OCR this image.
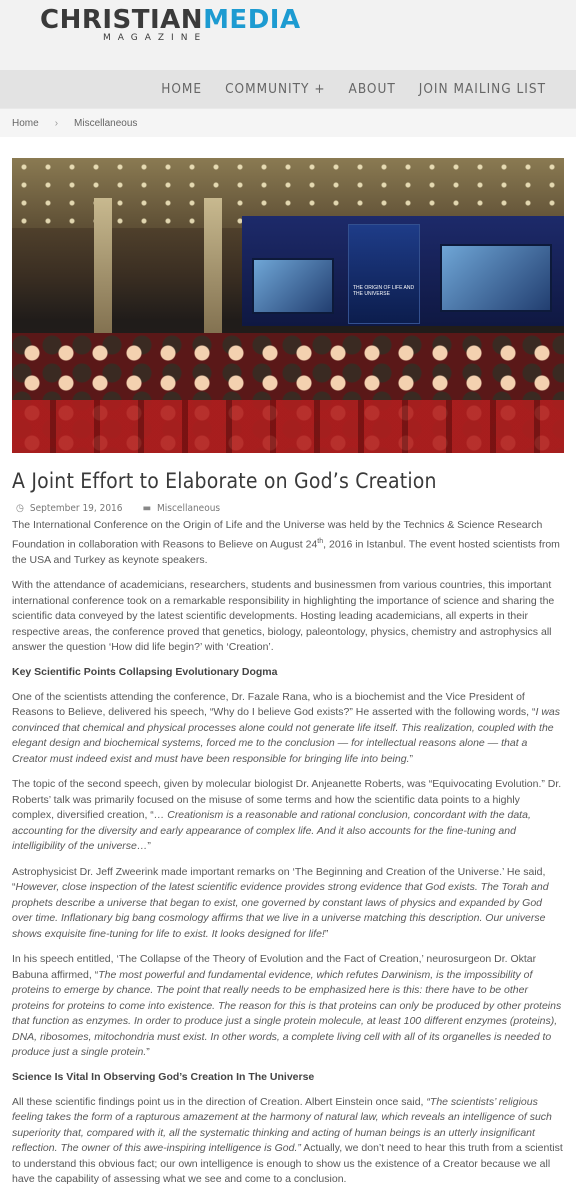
CHRISTIANMEDIA
MAGAZINE
HOME COMMUNITY + ABOUT JOIN MAILING LIST
Home › Miscellaneous
THE ORIGIN OF LIFE AND THE UNIVERSE
A Joint Effort to Elaborate on God’s Creation
◷ September 19, 2016 ▬ Miscellaneous

The International Conference on the Origin of Life and the Universe was held by the Technics & Science Research Foundation in collaboration with Reasons to Believe on August 24th, 2016 in Istanbul. The event hosted scientists from the USA and Turkey as keynote speakers.

With the attendance of academicians, researchers, students and businessmen from various countries, this important international conference took on a remarkable responsibility in highlighting the importance of science and sharing the scientific data conveyed by the latest scientific developments. Hosting leading academicians, all experts in their respective areas, the conference proved that genetics, biology, paleontology, physics, chemistry and astrophysics all answer the question ‘How did life begin?’ with ‘Creation’.

Key Scientific Points Collapsing Evolutionary Dogma

One of the scientists attending the conference, Dr. Fazale Rana, who is a biochemist and the Vice President of Reasons to Believe, delivered his speech, “Why do I believe God exists?” He asserted with the following words, “I was convinced that chemical and physical processes alone could not generate life itself. This realization, coupled with the elegant design and biochemical systems, forced me to the conclusion — for intellectual reasons alone — that a Creator must indeed exist and must have been responsible for bringing life into being.”

The topic of the second speech, given by molecular biologist Dr. Anjeanette Roberts, was “Equivocating Evolution.” Dr. Roberts’ talk was primarily focused on the misuse of some terms and how the scientific data points to a highly complex, diversified creation, “… Creationism is a reasonable and rational conclusion, concordant with the data, accounting for the diversity and early appearance of complex life. And it also accounts for the fine-tuning and intelligibility of the universe…”

Astrophysicist Dr. Jeff Zweerink made important remarks on ‘The Beginning and Creation of the Universe.’ He said, “However, close inspection of the latest scientific evidence provides strong evidence that God exists. The Torah and prophets describe a universe that began to exist, one governed by constant laws of physics and expanded by God over time. Inflationary big bang cosmology affirms that we live in a universe matching this description. Our universe shows exquisite fine-tuning for life to exist. It looks designed for life!”

In his speech entitled, ‘The Collapse of the Theory of Evolution and the Fact of Creation,’ neurosurgeon Dr. Oktar Babuna affirmed, “The most powerful and fundamental evidence, which refutes Darwinism, is the impossibility of proteins to emerge by chance. The point that really needs to be emphasized here is this: there have to be other proteins for proteins to come into existence. The reason for this is that proteins can only be produced by other proteins that function as enzymes. In order to produce just a single protein molecule, at least 100 different enzymes (proteins), DNA, ribosomes, mitochondria must exist. In other words, a complete living cell with all of its organelles is needed to produce just a single protein.”

Science Is Vital In Observing God’s Creation In The Universe

All these scientific findings point us in the direction of Creation. Albert Einstein once said, “The scientists’ religious feeling takes the form of a rapturous amazement at the harmony of natural law, which reveals an intelligence of such superiority that, compared with it, all the systematic thinking and acting of human beings is an utterly insignificant reflection. The owner of this awe-inspiring intelligence is God.” Actually, we don’t need to hear this truth from a scientist to understand this obvious fact; our own intelligence is enough to show us the existence of a Creator because we all have the capability of assessing what we see and come to a conclusion.
